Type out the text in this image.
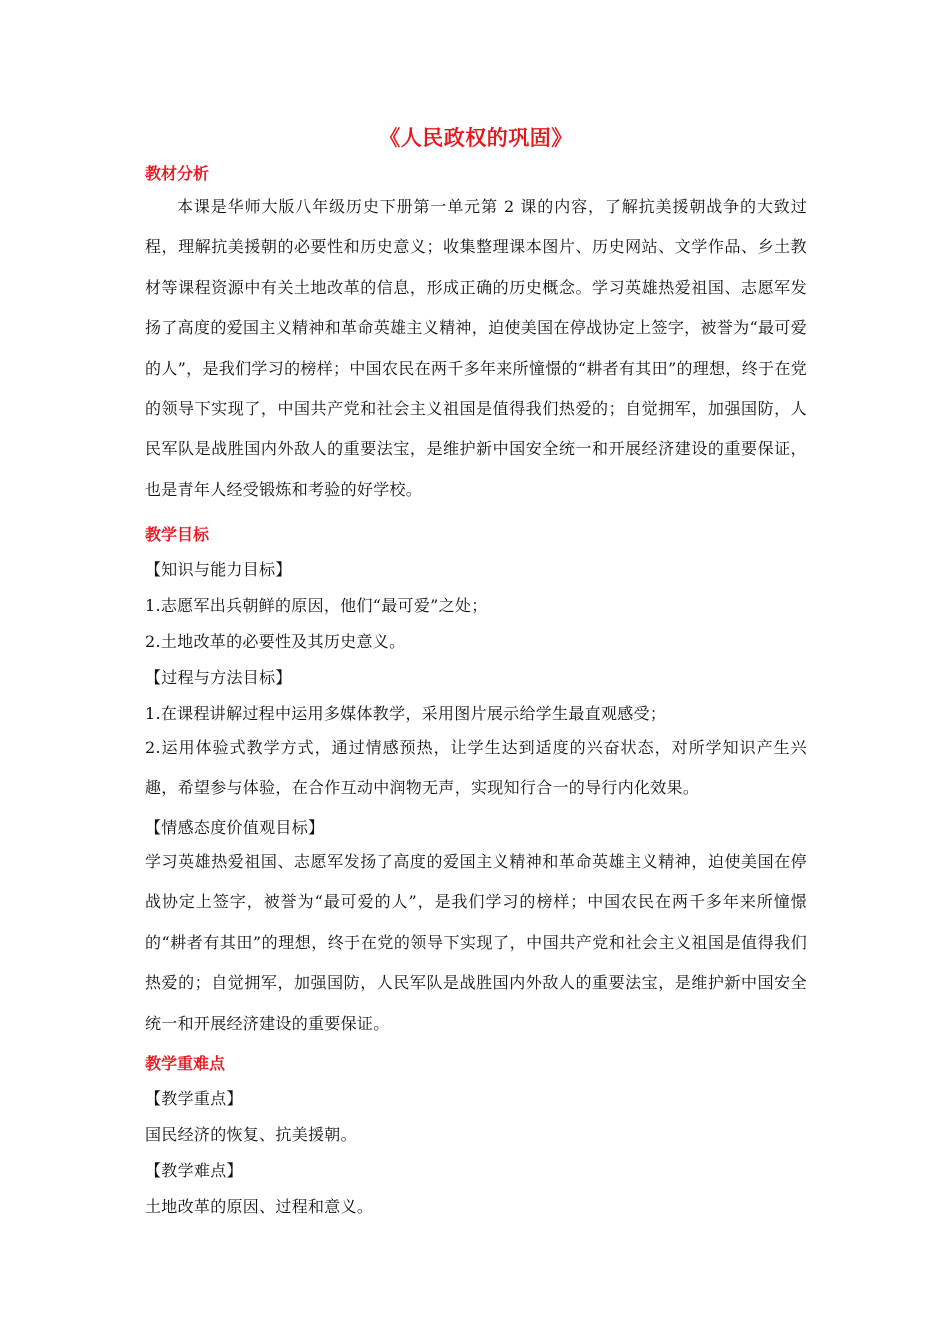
《人民政权的巩固》
教材分析
本课是华师大版八年级历史下册第一单元第 2 课的内容，了解抗美援朝战争的大致过程，理解抗美援朝的必要性和历史意义；收集整理课本图片、历史网站、文学作品、乡土教材等课程资源中有关土地改革的信息，形成正确的历史概念。学习英雄热爱祖国、志愿军发扬了高度的爱国主义精神和革命英雄主义精神，迫使美国在停战协定上签字，被誉为“最可爱的人”，是我们学习的榜样；中国农民在两千多年来所憧憬的“耕者有其田”的理想，终于在党的领导下实现了，中国共产党和社会主义祖国是值得我们热爱的；自觉拥军，加强国防，人民军队是战胜国内外敌人的重要法宝，是维护新中国安全统一和开展经济建设的重要保证，也是青年人经受锻炼和考验的好学校。
教学目标
【知识与能力目标】
1.志愿军出兵朝鲜的原因，他们“最可爱”之处；
2.土地改革的必要性及其历史意义。
【过程与方法目标】
1.在课程讲解过程中运用多媒体教学，采用图片展示给学生最直观感受；
2.运用体验式教学方式，通过情感预热，让学生达到适度的兴奋状态，对所学知识产生兴趣，希望参与体验，在合作互动中润物无声，实现知行合一的导行内化效果。
【情感态度价值观目标】
学习英雄热爱祖国、志愿军发扬了高度的爱国主义精神和革命英雄主义精神，迫使美国在停战协定上签字，被誉为“最可爱的人”，是我们学习的榜样；中国农民在两千多年来所憧憬的“耕者有其田”的理想，终于在党的领导下实现了，中国共产党和社会主义祖国是值得我们热爱的；自觉拥军，加强国防，人民军队是战胜国内外敌人的重要法宝，是维护新中国安全统一和开展经济建设的重要保证。
教学重难点
【教学重点】
国民经济的恢复、抗美援朝。
【教学难点】
土地改革的原因、过程和意义。
